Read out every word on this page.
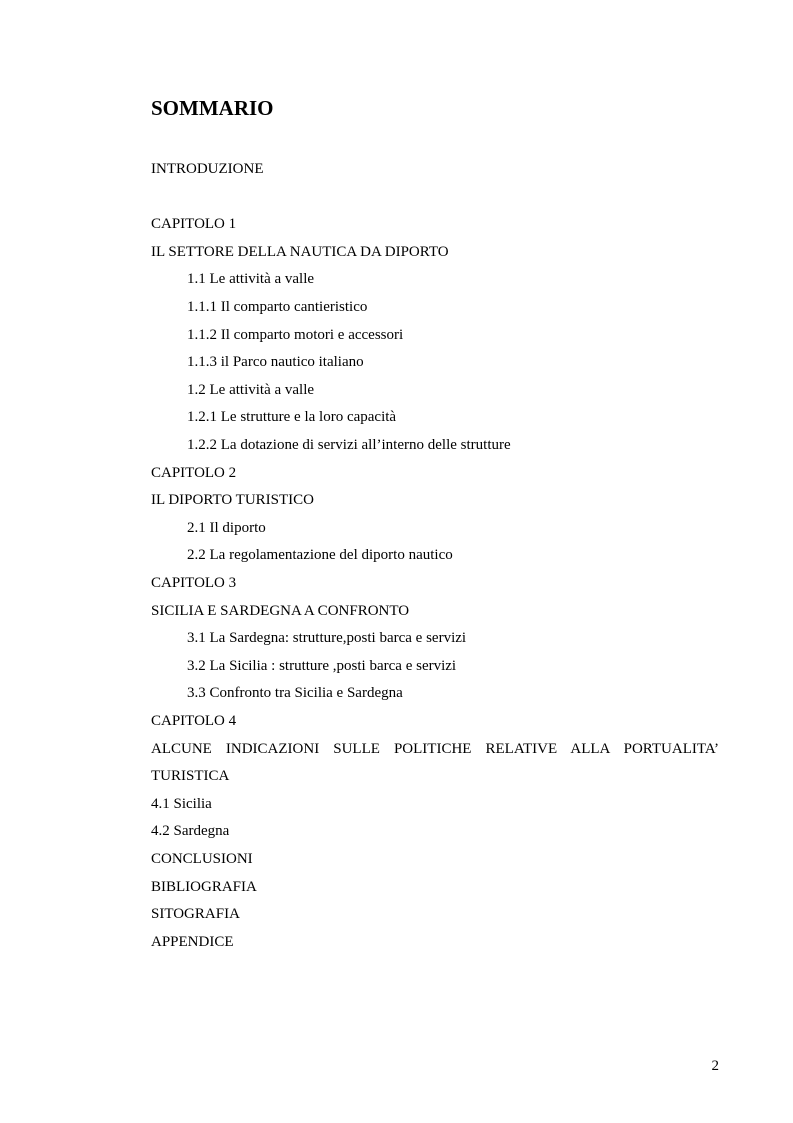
SOMMARIO
INTRODUZIONE
CAPITOLO 1
IL SETTORE DELLA NAUTICA DA DIPORTO
1.1 Le attività a valle
1.1.1 Il comparto cantieristico
1.1.2 Il comparto motori e accessori
1.1.3 il Parco nautico italiano
1.2 Le attività a valle
1.2.1 Le strutture e la loro capacità
1.2.2 La dotazione di servizi all’interno delle strutture
CAPITOLO 2
IL DIPORTO TURISTICO
2.1 Il diporto
2.2 La regolamentazione del diporto nautico
CAPITOLO 3
SICILIA E SARDEGNA A CONFRONTO
3.1 La Sardegna: strutture,posti barca e servizi
3.2 La Sicilia : strutture ,posti barca e servizi
3.3 Confronto tra Sicilia e Sardegna
CAPITOLO 4
ALCUNE INDICAZIONI SULLE POLITICHE RELATIVE ALLA PORTUALITA’
TURISTICA
4.1 Sicilia
4.2 Sardegna
CONCLUSIONI
BIBLIOGRAFIA
SITOGRAFIA
APPENDICE
2
